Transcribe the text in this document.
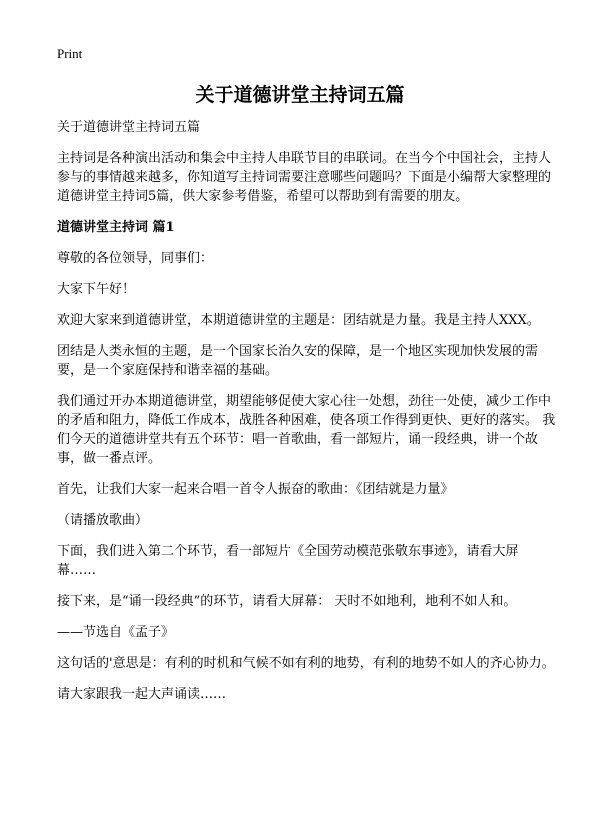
Print
关于道德讲堂主持词五篇

关于道德讲堂主持词五篇

主持词是各种演出活动和集会中主持人串联节目的串联词。在当今个中国社会，主持人参与的事情越来越多，你知道写主持词需要注意哪些问题吗？下面是小编帮大家整理的道德讲堂主持词5篇，供大家参考借鉴，希望可以帮助到有需要的朋友。

道德讲堂主持词 篇1

尊敬的各位领导，同事们：

大家下午好！

欢迎大家来到道德讲堂，本期道德讲堂的主题是：团结就是力量。我是主持人XXX。

团结是人类永恒的主题，是一个国家长治久安的保障，是一个地区实现加快发展的需要，是一个家庭保持和谐幸福的基础。

我们通过开办本期道德讲堂，期望能够促使大家心往一处想，劲往一处使，减少工作中的矛盾和阻力，降低工作成本，战胜各种困难，使各项工作得到更快、更好的落实。 我们今天的道德讲堂共有五个环节：唱一首歌曲，看一部短片，诵一段经典，讲一个故事，做一番点评。

首先，让我们大家一起来合唱一首令人振奋的歌曲：《团结就是力量》

（请播放歌曲）

下面，我们进入第二个环节，看一部短片《全国劳动模范张敬东事迹》，请看大屏幕……

接下来，是“诵一段经典”的环节，请看大屏幕： 天时不如地利，地利不如人和。

——节选自《孟子》

这句话的'意思是：有利的时机和气候不如有利的地势，有利的地势不如人的齐心协力。

请大家跟我一起大声诵读……
